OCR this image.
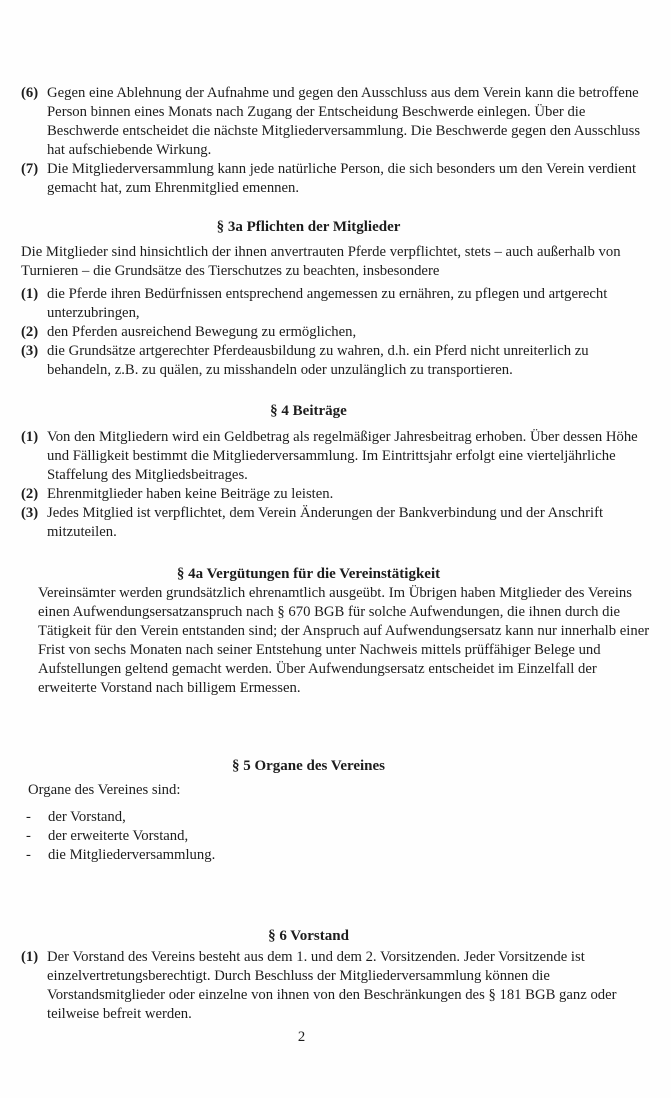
(6) Gegen eine Ablehnung der Aufnahme und gegen den Ausschluss aus dem Verein kann die betroffene Person binnen eines Monats nach Zugang der Entscheidung Beschwerde einlegen. Über die Beschwerde entscheidet die nächste Mitgliederversammlung. Die Beschwerde gegen den Ausschluss hat aufschiebende Wirkung.
(7) Die Mitgliederversammlung kann jede natürliche Person, die sich besonders um den Verein verdient gemacht hat, zum Ehrenmitglied emennen.

§ 3a Pflichten der Mitglieder

Die Mitglieder sind hinsichtlich der ihnen anvertrauten Pferde verpflichtet, stets – auch außerhalb von Turnieren – die Grundsätze des Tierschutzes zu beachten, insbesondere

(1) die Pferde ihren Bedürfnissen entsprechend angemessen zu ernähren, zu pflegen und artgerecht unterzubringen,
(2) den Pferden ausreichend Bewegung zu ermöglichen,
(3) die Grundsätze artgerechter Pferdeausbildung zu wahren, d.h. ein Pferd nicht unreiterlich zu behandeln, z.B. zu quälen, zu misshandeln oder unzulänglich zu transportieren.

§ 4 Beiträge

(1) Von den Mitgliedern wird ein Geldbetrag als regelmäßiger Jahresbeitrag erhoben. Über dessen Höhe und Fälligkeit bestimmt die Mitgliederversammlung. Im Eintrittsjahr erfolgt eine vierteljährliche Staffelung des Mitgliedsbeitrages.
(2) Ehrenmitglieder haben keine Beiträge zu leisten.
(3) Jedes Mitglied ist verpflichtet, dem Verein Änderungen der Bankverbindung und der Anschrift mitzuteilen.

§ 4a Vergütungen für die Vereinstätigkeit

Vereinsämter werden grundsätzlich ehrenamtlich ausgeübt. Im Übrigen haben Mitglieder des Vereins einen Aufwendungsersatzanspruch nach § 670 BGB für solche Aufwendungen, die ihnen durch die Tätigkeit für den Verein entstanden sind; der Anspruch auf Aufwendungsersatz kann nur innerhalb einer Frist von sechs Monaten nach seiner Entstehung unter Nachweis mittels prüffähiger Belege und Aufstellungen geltend gemacht werden. Über Aufwendungsersatz entscheidet im Einzelfall der erweiterte Vorstand nach billigem Ermessen.

§ 5 Organe des Vereines

Organe des Vereines sind:

-	der Vorstand,
-	der erweiterte Vorstand,
-	die Mitgliederversammlung.

§ 6 Vorstand

(1) Der Vorstand des Vereins besteht aus dem 1. und dem 2. Vorsitzenden. Jeder Vorsitzende ist einzelvertretungsberechtigt. Durch Beschluss der Mitgliederversammlung können die Vorstandsmitglieder oder einzelne von ihnen von den Beschränkungen des § 181 BGB ganz oder teilweise befreit werden.
2
